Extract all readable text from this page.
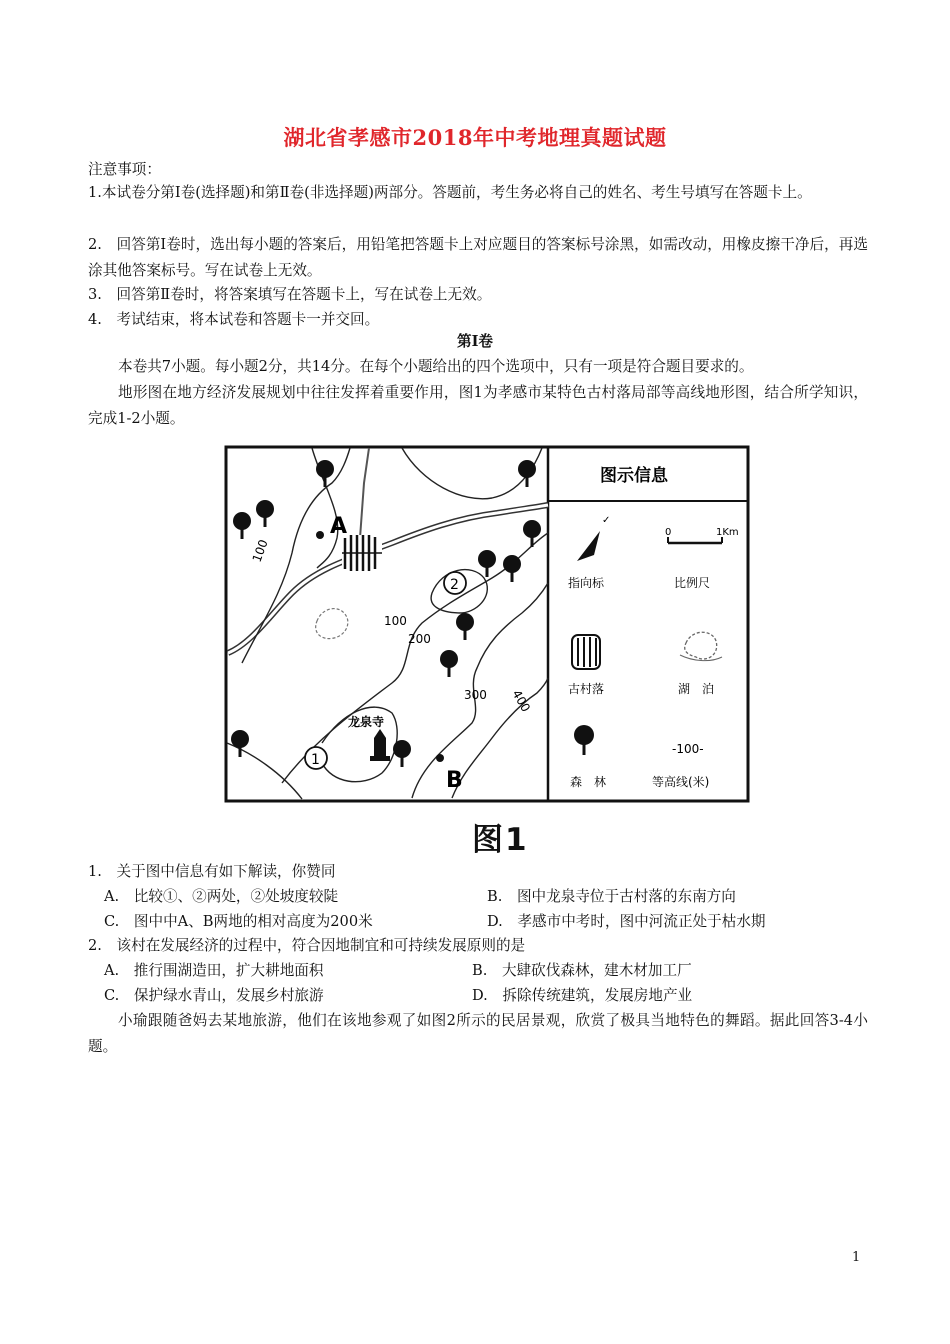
湖北省孝感市2018年中考地理真题试题
注意事项：
1.本试卷分第Ⅰ卷(选择题)和第Ⅱ卷(非选择题)两部分。答题前，考生务必将自己的姓名、考生号填写在答题卡上。
2.　回答第Ⅰ卷时，选出每小题的答案后，用铅笔把答题卡上对应题目的答案标号涂黑，如需改动，用橡皮擦干净后，再选涂其他答案标号。写在试卷上无效。
3.　回答第Ⅱ卷时，将答案填写在答题卡上，写在试卷上无效。
4.　考试结束，将本试卷和答题卡一并交回。
第Ⅰ卷
本卷共7小题。每小题2分，共14分。在每个小题给出的四个选项中，只有一项是符合题目要求的。
地形图在地方经济发展规划中往往发挥着重要作用，图1为孝感市某特色古村落局部等高线地形图，结合所学知识，完成1-2小题。
A
B
2
1
龙泉寺
100
100
200
300 400
图示信息
✓
指向标
0	1Km
比例尺
古村落	湖　泊
森　林
-100-
等高线(米)
图1
1.　关于图中信息有如下解读，你赞同
A.　比较①、②两处，②处坡度较陡	B.　图中龙泉寺位于古村落的东南方向
C.　图中中A、B两地的相对高度为200米	D.　孝感市中考时，图中河流正处于枯水期
2.　该村在发展经济的过程中，符合因地制宜和可持续发展原则的是
A.　推行围湖造田，扩大耕地面积	B.　大肆砍伐森林，建木材加工厂
C.　保护绿水青山，发展乡村旅游	D.　拆除传统建筑，发展房地产业
小瑜跟随爸妈去某地旅游，他们在该地参观了如图2所示的民居景观，欣赏了极具当地特色的舞蹈。据此回答3-4小题。
1
